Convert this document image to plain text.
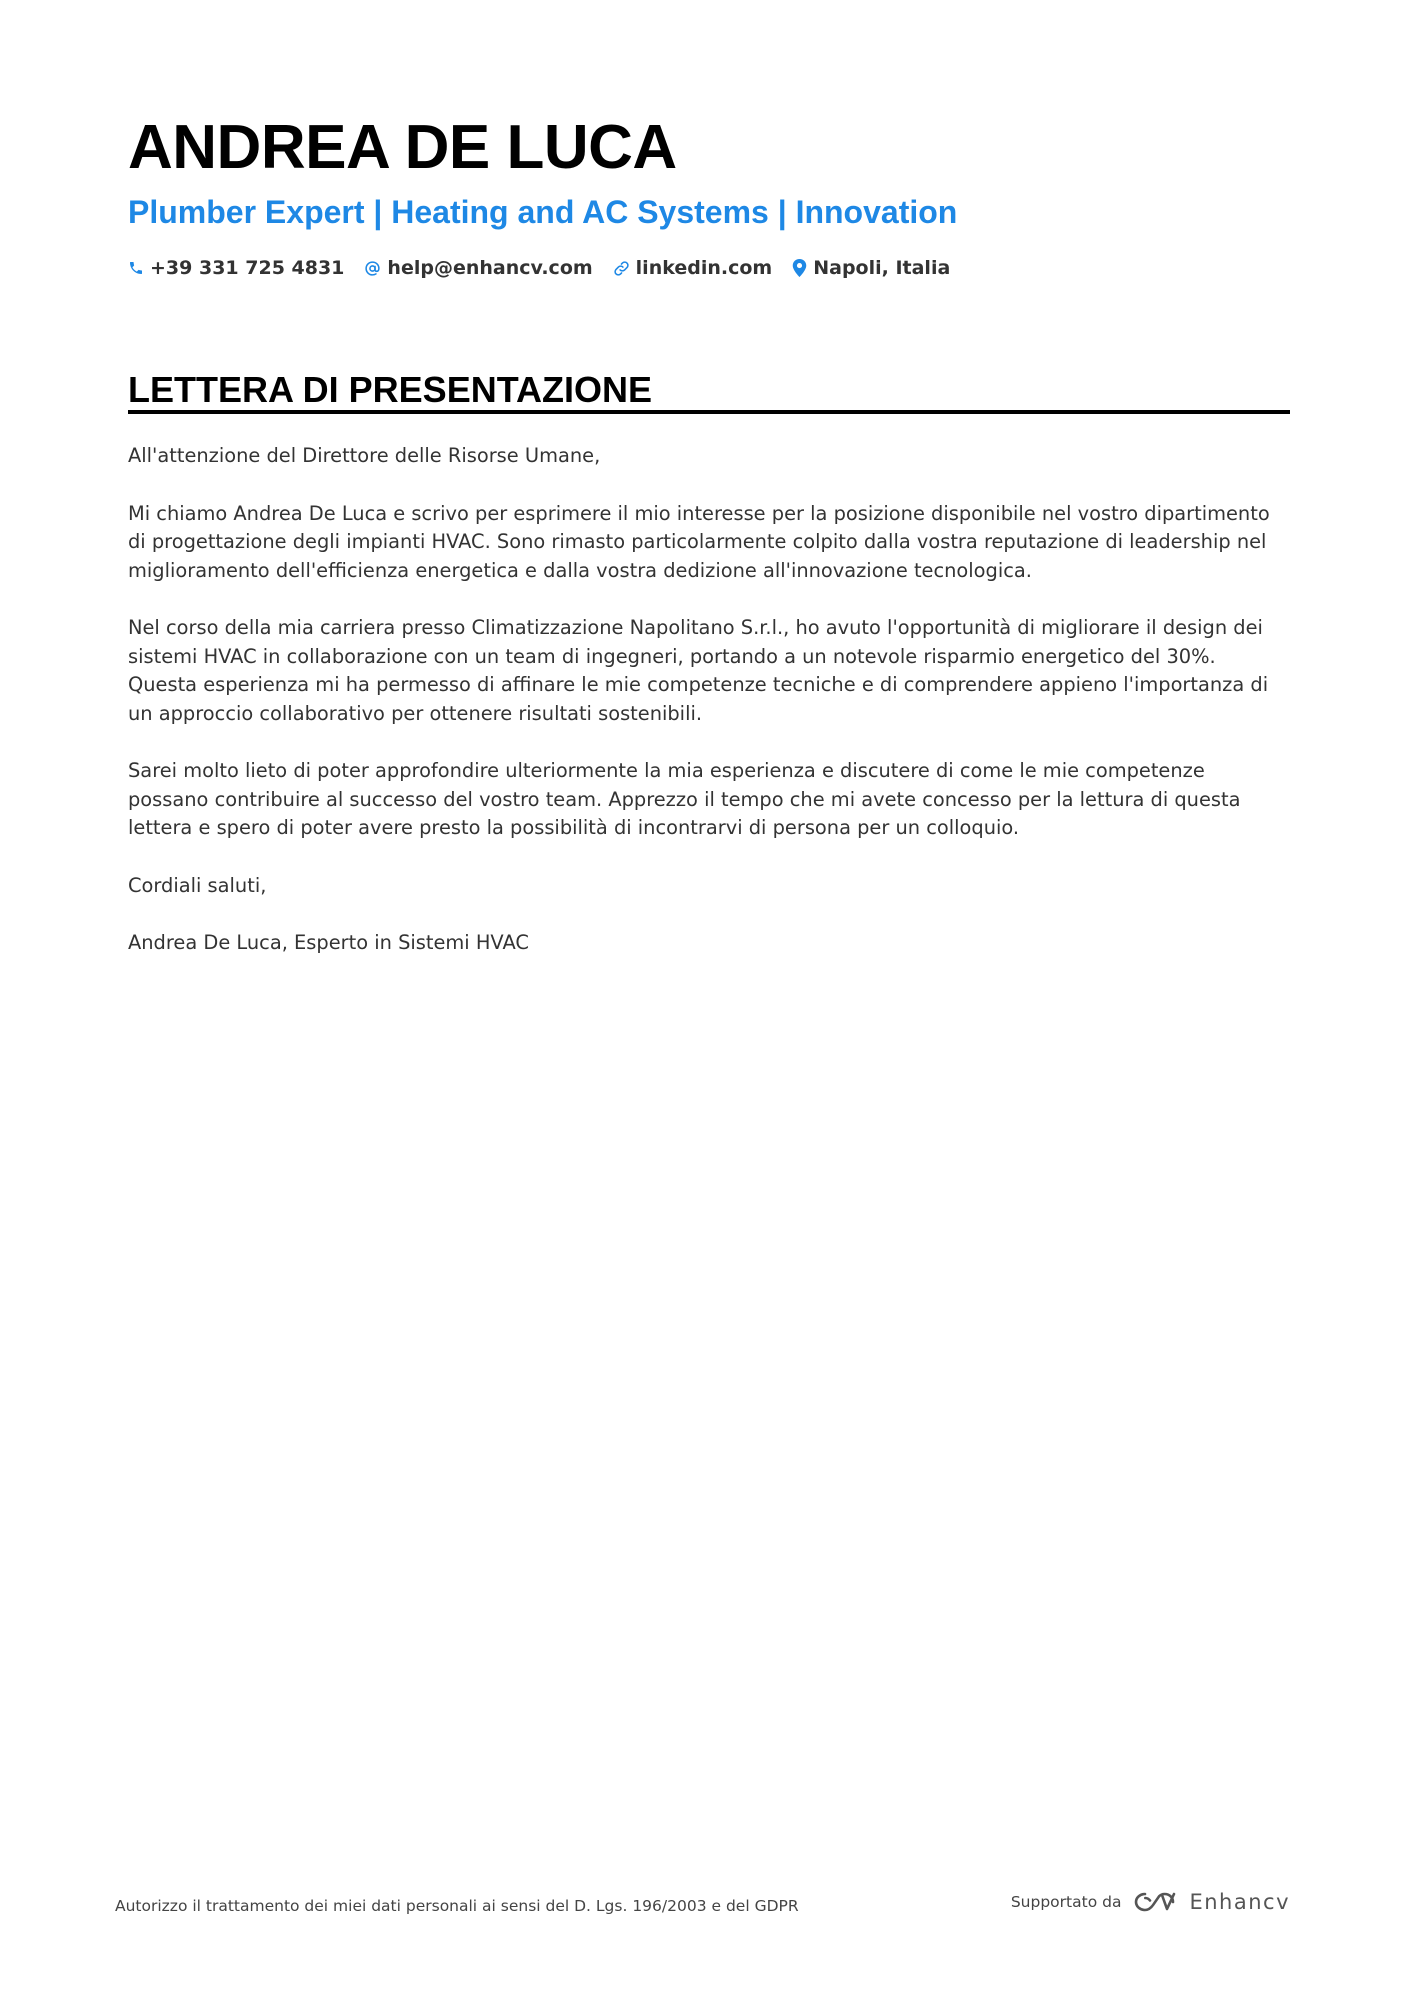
ANDREA DE LUCA
Plumber Expert | Heating and AC Systems | Innovation
+39 331 725 4831 help@enhancv.com linkedin.com Napoli, Italia
LETTERA DI PRESENTAZIONE

All'attenzione del Direttore delle Risorse Umane,

Mi chiamo Andrea De Luca e scrivo per esprimere il mio interesse per la posizione disponibile nel vostro dipartimento di progettazione degli impianti HVAC. Sono rimasto particolarmente colpito dalla vostra reputazione di leadership nel miglioramento dell'efficienza energetica e dalla vostra dedizione all'innovazione tecnologica.

Nel corso della mia carriera presso Climatizzazione Napolitano S.r.l., ho avuto l'opportunità di migliorare il design dei sistemi HVAC in collaborazione con un team di ingegneri, portando a un notevole risparmio energetico del 30%. Questa esperienza mi ha permesso di affinare le mie competenze tecniche e di comprendere appieno l'importanza di un approccio collaborativo per ottenere risultati sostenibili.

Sarei molto lieto di poter approfondire ulteriormente la mia esperienza e discutere di come le mie competenze possano contribuire al successo del vostro team. Apprezzo il tempo che mi avete concesso per la lettura di questa lettera e spero di poter avere presto la possibilità di incontrarvi di persona per un colloquio.

Cordiali saluti,

Andrea De Luca, Esperto in Sistemi HVAC

Autorizzo il trattamento dei miei dati personali ai sensi del D. Lgs. 196/2003 e del GDPR	Supportato da	Enhancv
